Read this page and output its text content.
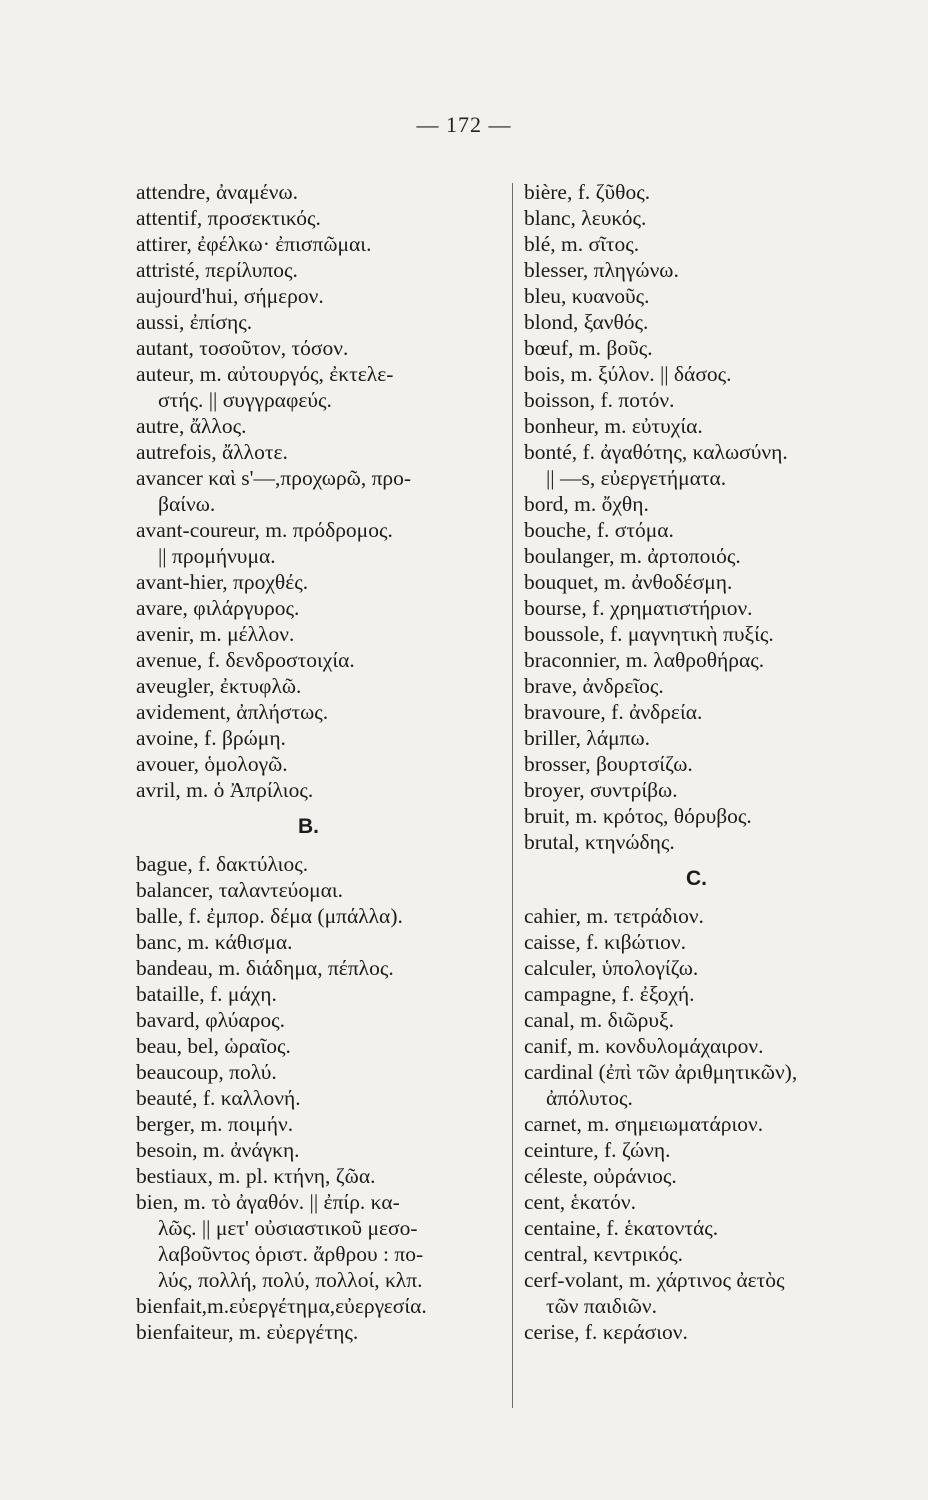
— 172 —
attendre, ἀναμένω.
attentif, προσεκτικός.
attirer, ἐφέλκω· ἐπισπῶμαι.
attristé, περίλυπος.
aujourd'hui, σήμερον.
aussi, ἐπίσης.
autant, τοσοῦτον, τόσον.
auteur, m. αὐτουργός, ἐκτελε-
στής. || συγγραφεύς.
autre, ἄλλος.
autrefois, ἄλλοτε.
avancer καὶ s'—,προχωρῶ, προ-
βαίνω.
avant-coureur, m. πρόδρομος.
|| προμήνυμα.
avant-hier, προχθές.
avare, φιλάργυρος.
avenir, m. μέλλον.
avenue, f. δενδροστοιχία.
aveugler, ἐκτυφλῶ.
avidement, ἀπλήστως.
avoine, f. βρώμη.
avouer, ὁμολογῶ.
avril, m. ὁ Ἀπρίλιος.
B.
bague, f. δακτύλιος.
balancer, ταλαντεύομαι.
balle, f. ἐμπορ. δέμα (μπάλλα).
banc, m. κάθισμα.
bandeau, m. διάδημα, πέπλος.
bataille, f. μάχη.
bavard, φλύαρος.
beau, bel, ὡραῖος.
beaucoup, πολύ.
beauté, f. καλλονή.
berger, m. ποιμήν.
besoin, m. ἀνάγκη.
bestiaux, m. pl. κτήνη, ζῶα.
bien, m. τὸ ἀγαθόν. || ἐπίρ. κα-
λῶς. || μετ' οὐσιαστικοῦ μεσο-
λαβοῦντος ὁριστ. ἄρθρου : πο-
λύς, πολλή, πολύ, πολλοί, κλπ.
bienfait,m.εὐεργέτημα,εὐεργεσία.
bienfaiteur, m. εὐεργέτης.
bière, f. ζῦθος.
blanc, λευκός.
blé, m. σῖτος.
blesser, πληγώνω.
bleu, κυανοῦς.
blond, ξανθός.
bœuf, m. βοῦς.
bois, m. ξύλον. || δάσος.
boisson, f. ποτόν.
bonheur, m. εὐτυχία.
bonté, f. ἀγαθότης, καλωσύνη.
|| —s, εὐεργετήματα.
bord, m. ὄχθη.
bouche, f. στόμα.
boulanger, m. ἀρτοποιός.
bouquet, m. ἀνθοδέσμη.
bourse, f. χρηματιστήριον.
boussole, f. μαγνητικὴ πυξίς.
braconnier, m. λαθροθήρας.
brave, ἀνδρεῖος.
bravoure, f. ἀνδρεία.
briller, λάμπω.
brosser, βουρτσίζω.
broyer, συντρίβω.
bruit, m. κρότος, θόρυβος.
brutal, κτηνώδης.
C.
cahier, m. τετράδιον.
caisse, f. κιβώτιον.
calculer, ὑπολογίζω.
campagne, f. ἐξοχή.
canal, m. διῶρυξ.
canif, m. κονδυλομάχαιρον.
cardinal (ἐπὶ τῶν ἀριθμητικῶν),
ἀπόλυτος.
carnet, m. σημειωματάριον.
ceinture, f. ζώνη.
céleste, οὐράνιος.
cent, ἑκατόν.
centaine, f. ἑκατοντάς.
central, κεντρικός.
cerf-volant, m. χάρτινος ἀετὸς
τῶν παιδιῶν.
cerise, f. κεράσιον.
